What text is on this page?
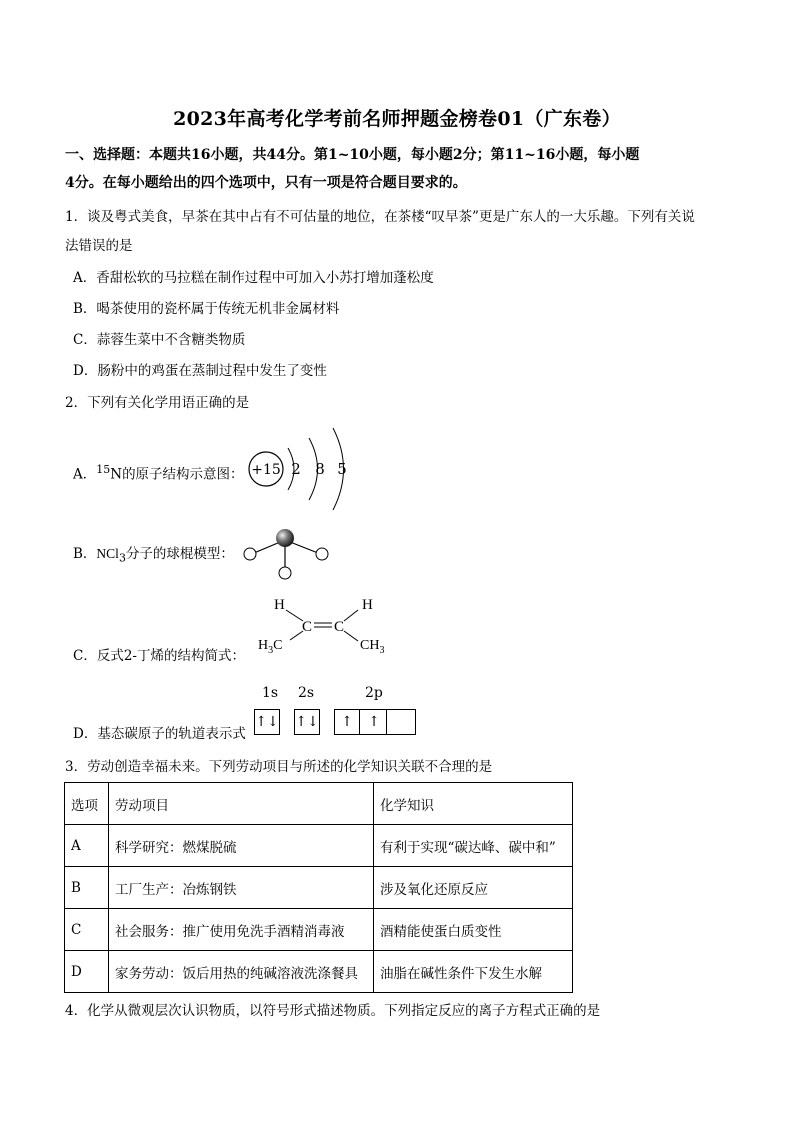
2023年高考化学考前名师押题金榜卷01（广东卷）
一、选择题：本题共16小题，共44分。第1~10小题，每小题2分；第11~16小题，每小题
4分。在每小题给出的四个选项中，只有一项是符合题目要求的。
1．谈及粤式美食，早茶在其中占有不可估量的地位，在茶楼“叹早茶”更是广东人的一大乐趣。下列有关说
法错误的是
A．香甜松软的马拉糕在制作过程中可加入小苏打增加蓬松度
B．喝茶使用的瓷杯属于传统无机非金属材料
C．蒜蓉生菜中不含糖类物质
D．肠粉中的鸡蛋在蒸制过程中发生了变性
2．下列有关化学用语正确的是
A．$^{15}$N的原子结构示意图： +15 2 8 5
B．NCl$_3$分子的球棍模型：
C．反式2-丁烯的结构简式：
H	H
C C
$H_3C$	$CH_3$
1s 2s	2p
D．基态碳原子的轨道表示式
↑↓ ↑↓	↑	↑
3．劳动创造幸福未来。下列劳动项目与所述的化学知识关联不合理的是
选项	劳动项目	化学知识
A	科学研究：燃煤脱硫	有利于实现“碳达峰、碳中和”
B	工厂生产：冶炼钢铁	涉及氧化还原反应
C	社会服务：推广使用免洗手酒精消毒液	酒精能使蛋白质变性
D	家务劳动：饭后用热的纯碱溶液洗涤餐具	油脂在碱性条件下发生水解
4．化学从微观层次认识物质，以符号形式描述物质。下列指定反应的离子方程式正确的是
